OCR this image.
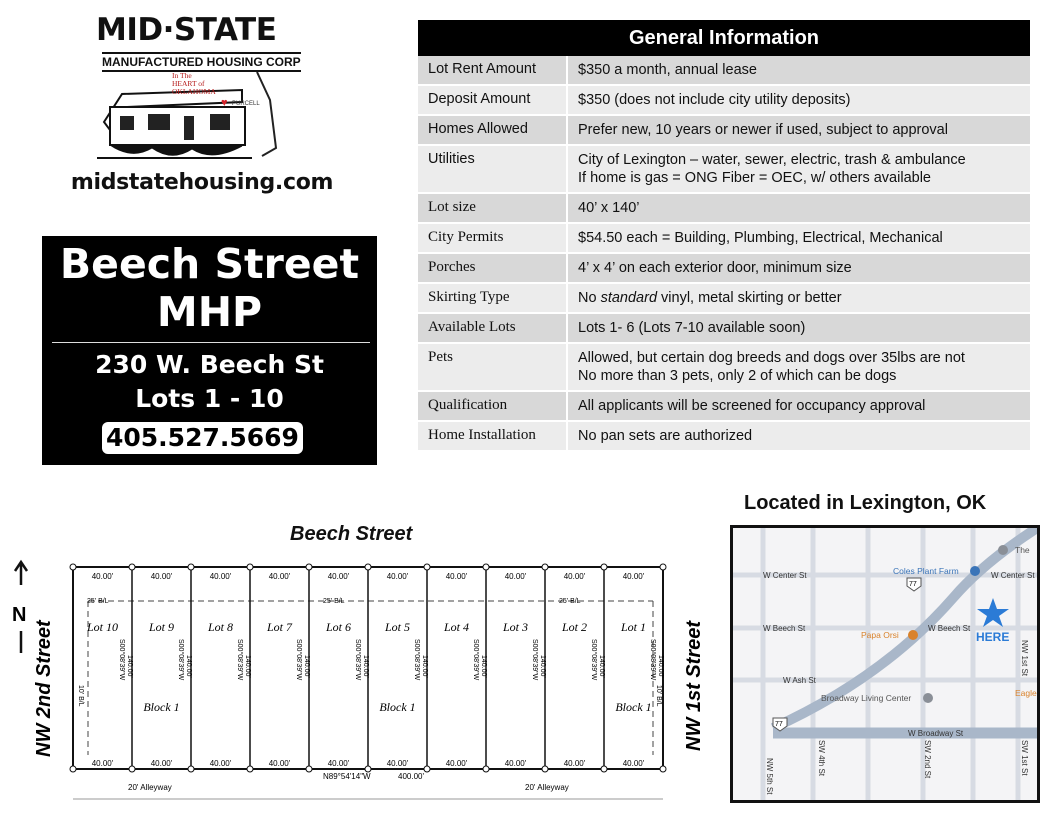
MID·STATE
MANUFACTURED HOUSING CORP
In The
HEART of
OKLAHOMA
♥ PURCELL
midstatehousing.com
Beech Street
MHP
230 W. Beech St
Lots 1 - 10
405.527.5669
General Information
Lot Rent Amount	$350 a month, annual lease
Deposit Amount	$350 (does not include city utility deposits)
Homes Allowed	Prefer new, 10 years or newer if used, subject to approval
Utilities	City of Lexington – water, sewer, electric, trash & ambulance
If home is gas = ONG Fiber = OEC, w/ others available
Lot size	40’ x 140’
City Permits	$54.50 each = Building, Plumbing, Electrical, Mechanical
Porches	4’ x 4’ on each exterior door, minimum size
Skirting Type	No standard vinyl, metal skirting or better
Available Lots	Lots 1- 6 (Lots 7-10 available soon)
Pets	Allowed, but certain dog breeds and dogs over 35lbs are not
No more than 3 pets, only 2 of which can be dogs
Qualification	All applicants will be screened for occupancy approval
Home Installation	No pan sets are authorized
Beech Street
40.00'
40.00'
Lot 10
S00°08'39"W 140.00'
40.00'
40.00'
Lot 9
S00°08'39"W 140.00'
40.00'
40.00'
Lot 8
S00°08'39"W 140.00'
40.00'
40.00'
Lot 7
S00°08'39"W 140.00'
40.00'
40.00'
Lot 6
S00°08'39"W 140.00'
40.00'
40.00'
Lot 5
S00°08'39"W 140.00'
40.00'
40.00'
Lot 4
S00°08'39"W 140.00'
40.00'
40.00'
Lot 3
S00°08'39"W 140.00'
40.00'
40.00'
Lot 2
S00°08'39"W 140.00'
40.00'
40.00'
Lot 1
S00°08'39"W 140.00'
25' B/L	25' B/L	25' B/L
Block 1	Block 1	Block 1
10' B/L	10' B/L
N89°54'14"W	400.00'
20' Alleyway	20' Alleyway
NW 2nd Street	NW 1st Street
N
Located in Lexington, OK
W Center St
W Beech St
W Ash St
W Broadway St
W Center St
W Beech St
NW 5th St	SW 4th St	SW 2nd St
NW 1st St
SW 1st St
Coles Plant Farm
Papa Orsi
Broadway Living Center
The
Eagle
77
77
HERE
